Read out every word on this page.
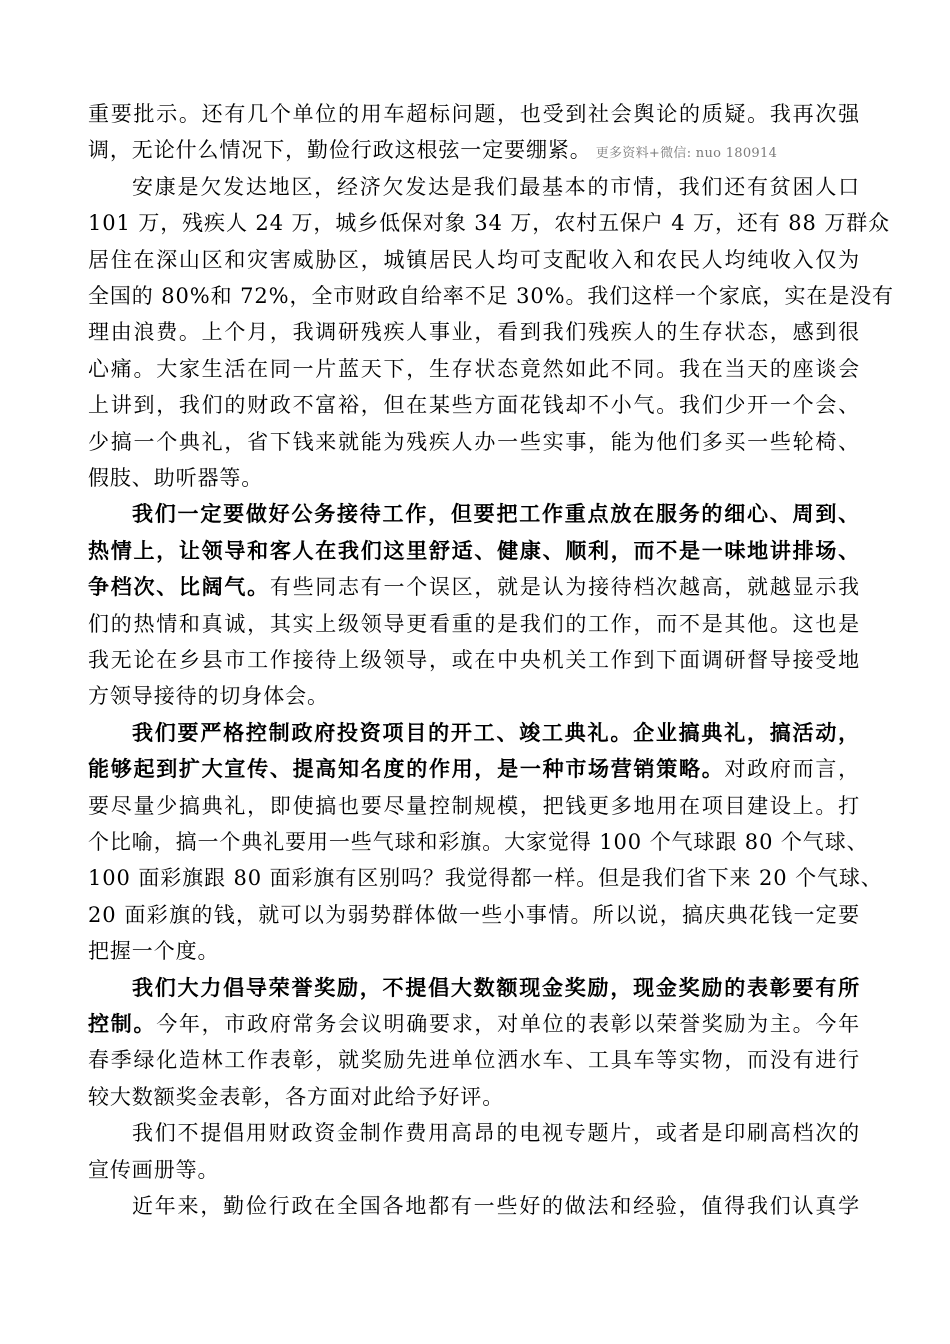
重要批示。还有几个单位的用车超标问题，也受到社会舆论的质疑。我再次强
调，无论什么情况下，勤俭行政这根弦一定要绷紧。 更多资料+微信: nuo 180914
安康是欠发达地区，经济欠发达是我们最基本的市情，我们还有贫困人口
101 万，残疾人 24 万，城乡低保对象 34 万，农村五保户 4 万，还有 88 万群众
居住在深山区和灾害威胁区，城镇居民人均可支配收入和农民人均纯收入仅为
全国的 80%和 72%，全市财政自给率不足 30%。我们这样一个家底，实在是没有
理由浪费。上个月，我调研残疾人事业，看到我们残疾人的生存状态，感到很
心痛。大家生活在同一片蓝天下，生存状态竟然如此不同。我在当天的座谈会
上讲到，我们的财政不富裕，但在某些方面花钱却不小气。我们少开一个会、
少搞一个典礼，省下钱来就能为残疾人办一些实事，能为他们多买一些轮椅、
假肢、助听器等。
我们一定要做好公务接待工作，但要把工作重点放在服务的细心、周到、
热情上，让领导和客人在我们这里舒适、健康、顺利，而不是一味地讲排场、
争档次、比阔气。有些同志有一个误区，就是认为接待档次越高，就越显示我
们的热情和真诚，其实上级领导更看重的是我们的工作，而不是其他。这也是
我无论在乡县市工作接待上级领导，或在中央机关工作到下面调研督导接受地
方领导接待的切身体会。
我们要严格控制政府投资项目的开工、竣工典礼。企业搞典礼，搞活动，
能够起到扩大宣传、提高知名度的作用，是一种市场营销策略。对政府而言，
要尽量少搞典礼，即使搞也要尽量控制规模，把钱更多地用在项目建设上。打
个比喻，搞一个典礼要用一些气球和彩旗。大家觉得 100 个气球跟 80 个气球、
100 面彩旗跟 80 面彩旗有区别吗？我觉得都一样。但是我们省下来 20 个气球、
20 面彩旗的钱，就可以为弱势群体做一些小事情。所以说，搞庆典花钱一定要
把握一个度。
我们大力倡导荣誉奖励，不提倡大数额现金奖励，现金奖励的表彰要有所
控制。今年，市政府常务会议明确要求，对单位的表彰以荣誉奖励为主。今年
春季绿化造林工作表彰，就奖励先进单位洒水车、工具车等实物，而没有进行
较大数额奖金表彰，各方面对此给予好评。
我们不提倡用财政资金制作费用高昂的电视专题片，或者是印刷高档次的
宣传画册等。
近年来，勤俭行政在全国各地都有一些好的做法和经验，值得我们认真学
